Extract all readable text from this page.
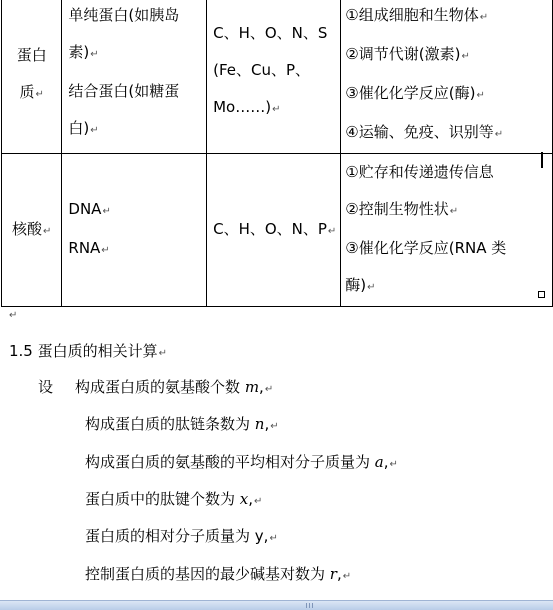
蛋白
质↵	单纯蛋白(如胰岛
素)↵
结合蛋白(如糖蛋
白)↵	C、H、O、N、S
(Fe、Cu、P、
Mo……)↵	①组成细胞和生物体↵
②调节代谢(激素)↵
③催化化学反应(酶)↵
④运输、免疫、识别等↵

核酸↵	DNA↵
RNA↵	C、H、O、N、P↵	①贮存和传递遗传信息
②控制生物性状↵
③催化化学反应(RNA 类
酶)↵
↵
1.5 蛋白质的相关计算↵
设 构成蛋白质的氨基酸个数 m,↵
构成蛋白质的肽链条数为 n,↵
构成蛋白质的氨基酸的平均相对分子质量为 a,↵
蛋白质中的肽键个数为 x,↵
蛋白质的相对分子质量为 y,↵
控制蛋白质的基因的最少碱基对数为 r,↵
